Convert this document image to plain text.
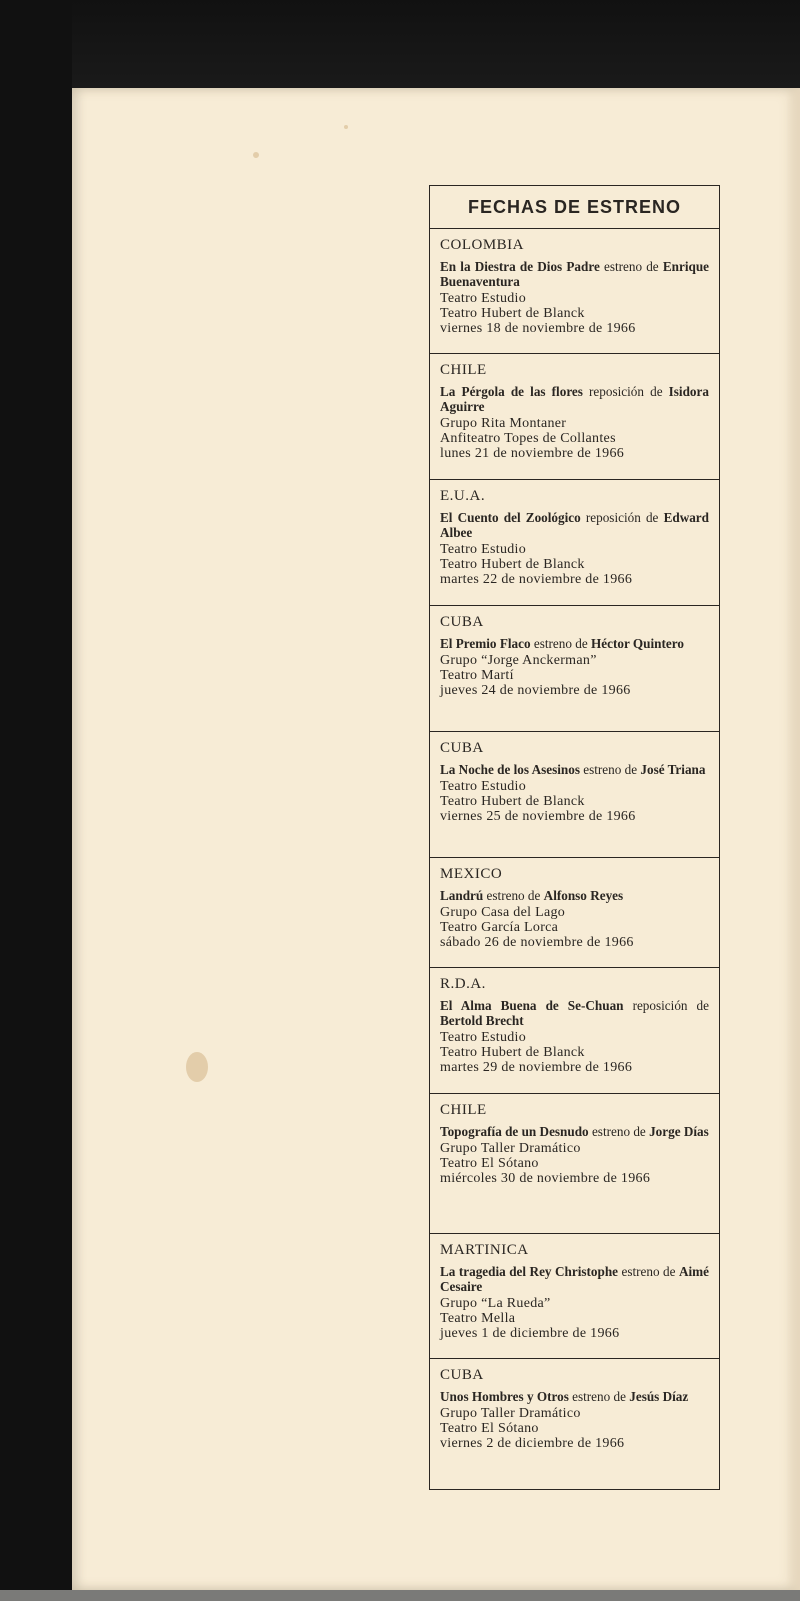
FECHAS DE ESTRENO
COLOMBIA
En la Diestra de Dios Padre estreno de Enrique Buenaventura
Teatro Estudio
Teatro Hubert de Blanck
viernes 18 de noviembre de 1966
CHILE
La Pérgola de las flores reposición de Isidora Aguirre
Grupo Rita Montaner
Anfiteatro Topes de Collantes
lunes 21 de noviembre de 1966
E.U.A.
El Cuento del Zoológico reposición de Edward Albee
Teatro Estudio
Teatro Hubert de Blanck
martes 22 de noviembre de 1966
CUBA
El Premio Flaco estreno de Héctor Quintero
Grupo “Jorge Anckerman”
Teatro Martí
jueves 24 de noviembre de 1966
CUBA
La Noche de los Asesinos estreno de José Triana
Teatro Estudio
Teatro Hubert de Blanck
viernes 25 de noviembre de 1966
MEXICO
Landrú estreno de Alfonso Reyes
Grupo Casa del Lago
Teatro García Lorca
sábado 26 de noviembre de 1966
R.D.A.
El Alma Buena de Se-Chuan reposición de Bertold Brecht
Teatro Estudio
Teatro Hubert de Blanck
martes 29 de noviembre de 1966
CHILE
Topografía de un Desnudo estreno de Jorge Días
Grupo Taller Dramático
Teatro El Sótano
miércoles 30 de noviembre de 1966
MARTINICA
La tragedia del Rey Christophe estreno de Aimé Cesaire
Grupo “La Rueda”
Teatro Mella
jueves 1 de diciembre de 1966
CUBA
Unos Hombres y Otros estreno de Jesús Díaz
Grupo Taller Dramático
Teatro El Sótano
viernes 2 de diciembre de 1966
